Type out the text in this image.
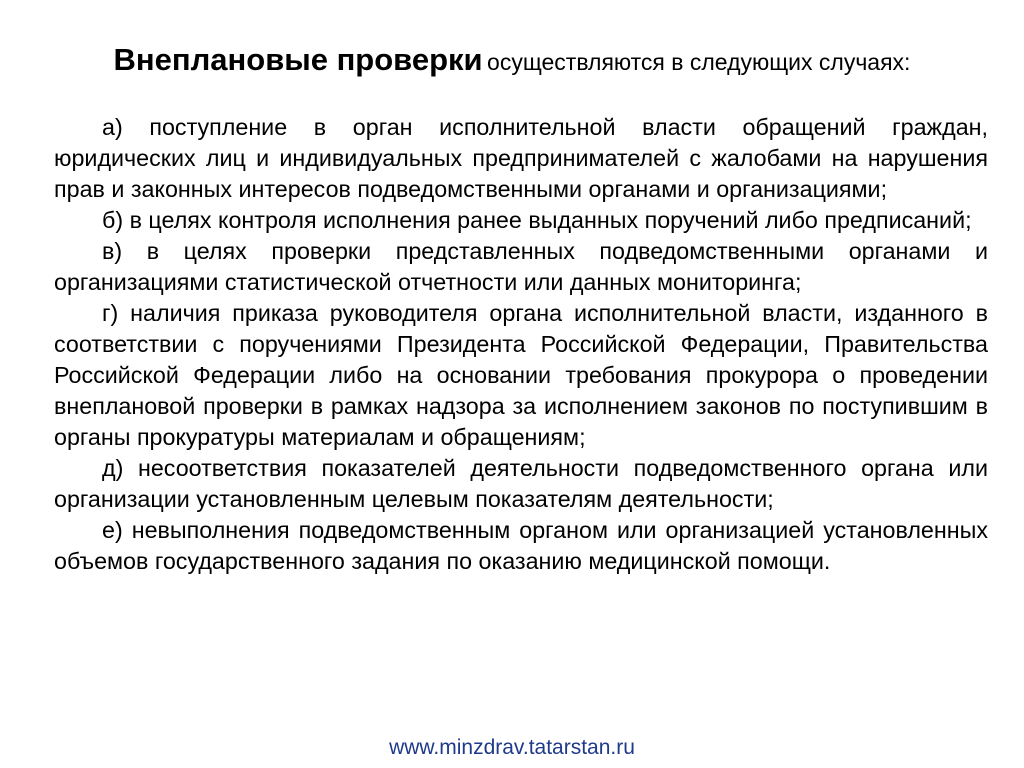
Внеплановые проверки осуществляются в следующих случаях:

а) поступление в орган исполнительной власти обращений граждан, юридических лиц и индивидуальных предпринимателей с жалобами на нарушения прав и законных интересов подведомственными органами и организациями;

б) в целях контроля исполнения ранее выданных поручений либо предписаний;

в) в целях проверки представленных подведомственными органами и организациями статистической отчетности или данных мониторинга;

г) наличия приказа руководителя органа исполнительной власти, изданного в соответствии с поручениями Президента Российской Федерации, Правительства Российской Федерации либо на основании требования прокурора о проведении внеплановой проверки в рамках надзора за исполнением законов по поступившим в органы прокуратуры материалам и обращениям;

д) несоответствия показателей деятельности подведомственного органа или организации установленным целевым показателям деятельности;

е) невыполнения подведомственным органом или организацией установленных объемов государственного задания по оказанию медицинской помощи.

www.minzdrav.tatarstan.ru
